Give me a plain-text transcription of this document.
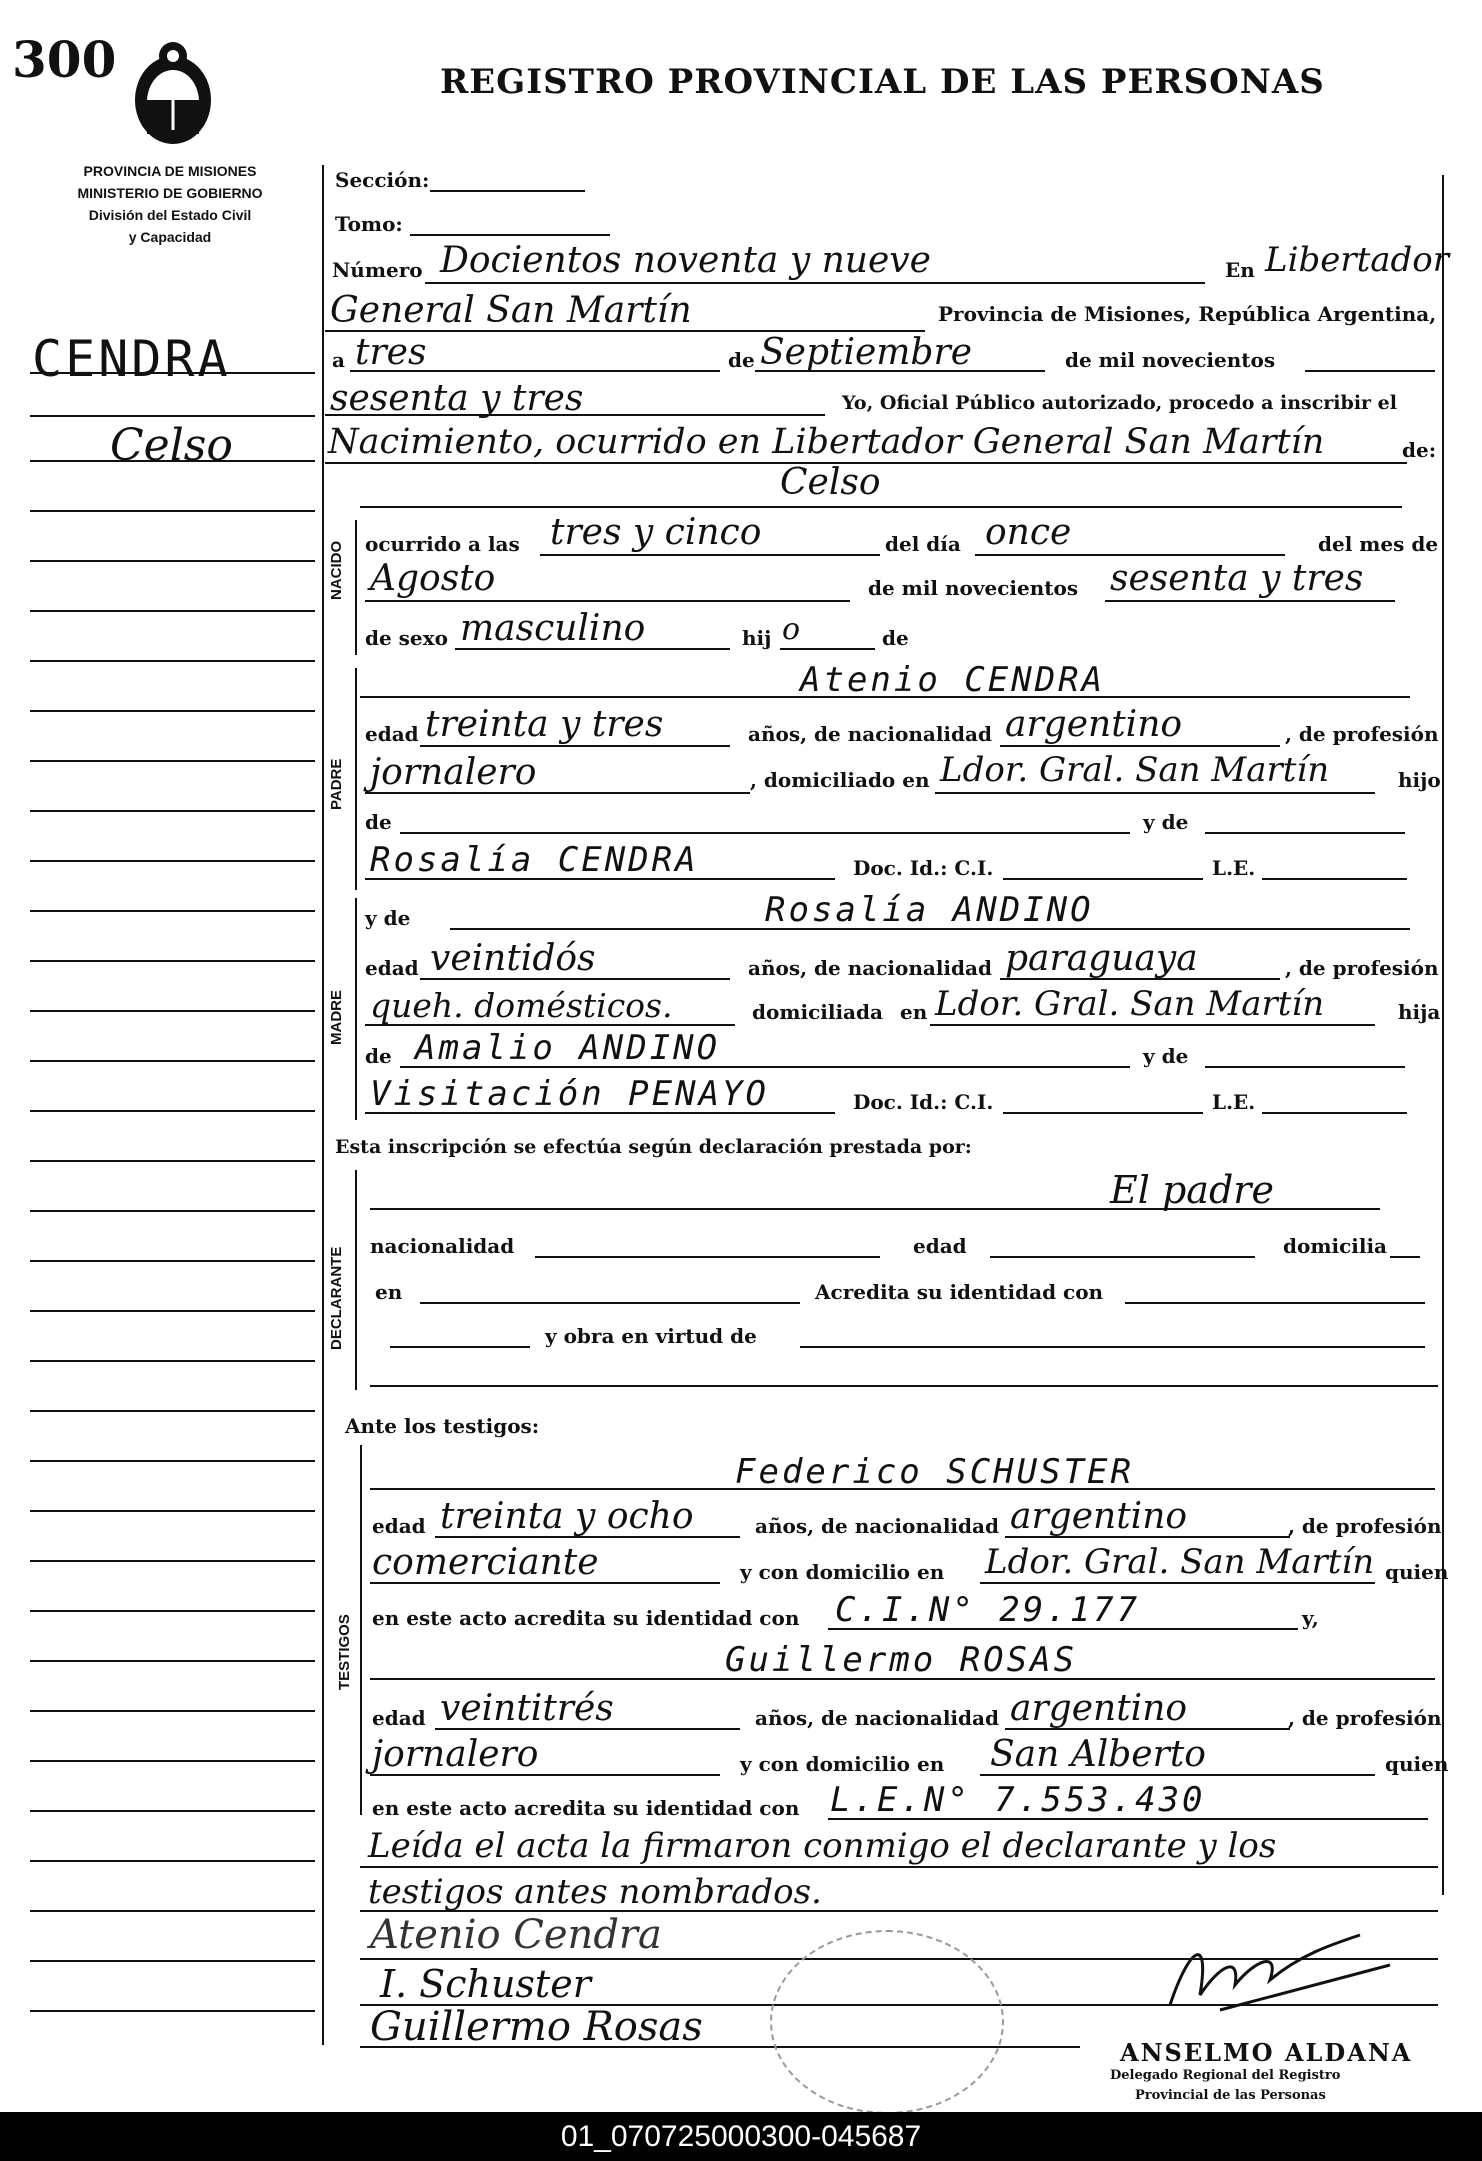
300	REGISTRO PROVINCIAL DE LAS PERSONAS
PROVINCIA DE MISIONES
MINISTERIO DE GOBIERNO
División del Estado Civil
y Capacidad
CENDRA
Celso
Sección:
Tomo:
Número Docientos noventa y nueve	En Libertador
General San Martín	Provincia de Misiones, República Argentina,
a tres	de Septiembre	de mil novecientos
sesenta y tres	Yo, Oficial Público autorizado, procedo a inscribir el
Nacimiento, ocurrido en Libertador General San Martín	de:
Celso
NACIDO ocurrido a las tres y cinco	del día once	del mes de
Agosto	de mil novecientos sesenta y tres
de sexo masculino	hij o	de
PADRE
Atenio CENDRA
edad treinta y tres	años, de nacionalidad argentino	, de profesión
jornalero	, domiciliado en Ldor. Gral. San Martín	hijo
de	y de
Rosalía CENDRA	Doc. Id.: C.I.	L.E.
MADRE
y de	Rosalía ANDINO
edad veintidós	años, de nacionalidad paraguaya	, de profesión
queh. domésticos.	domiciliada en Ldor. Gral. San Martín	hija
de Amalio ANDINO	y de
Visitación PENAYO	Doc. Id.: C.I.	L.E.
Esta inscripción se efectúa según declaración prestada por:
DECLARANTE
El padre
nacionalidad	edad	domicilia
en	Acredita su identidad con
y obra en virtud de
Ante los testigos:
TESTIGOS
Federico SCHUSTER
edad treinta y ocho	años, de nacionalidad argentino	, de profesión
comerciante	y con domicilio en Ldor. Gral. San Martín quien
en este acto acredita su identidad con C.I.N° 29.177	y,
Guillermo ROSAS
edad veintitrés	años, de nacionalidad argentino	, de profesión
jornalero	y con domicilio en San Alberto	quien
en este acto acredita su identidad con L.E.N° 7.553.430
Leída el acta la firmaron conmigo el declarante y los
testigos antes nombrados.
Atenio Cendra
I. Schuster
Guillermo Rosas
ANSELMO ALDANA
Delegado Regional del Registro
Provincial de las Personas
01_070725000300-045687
